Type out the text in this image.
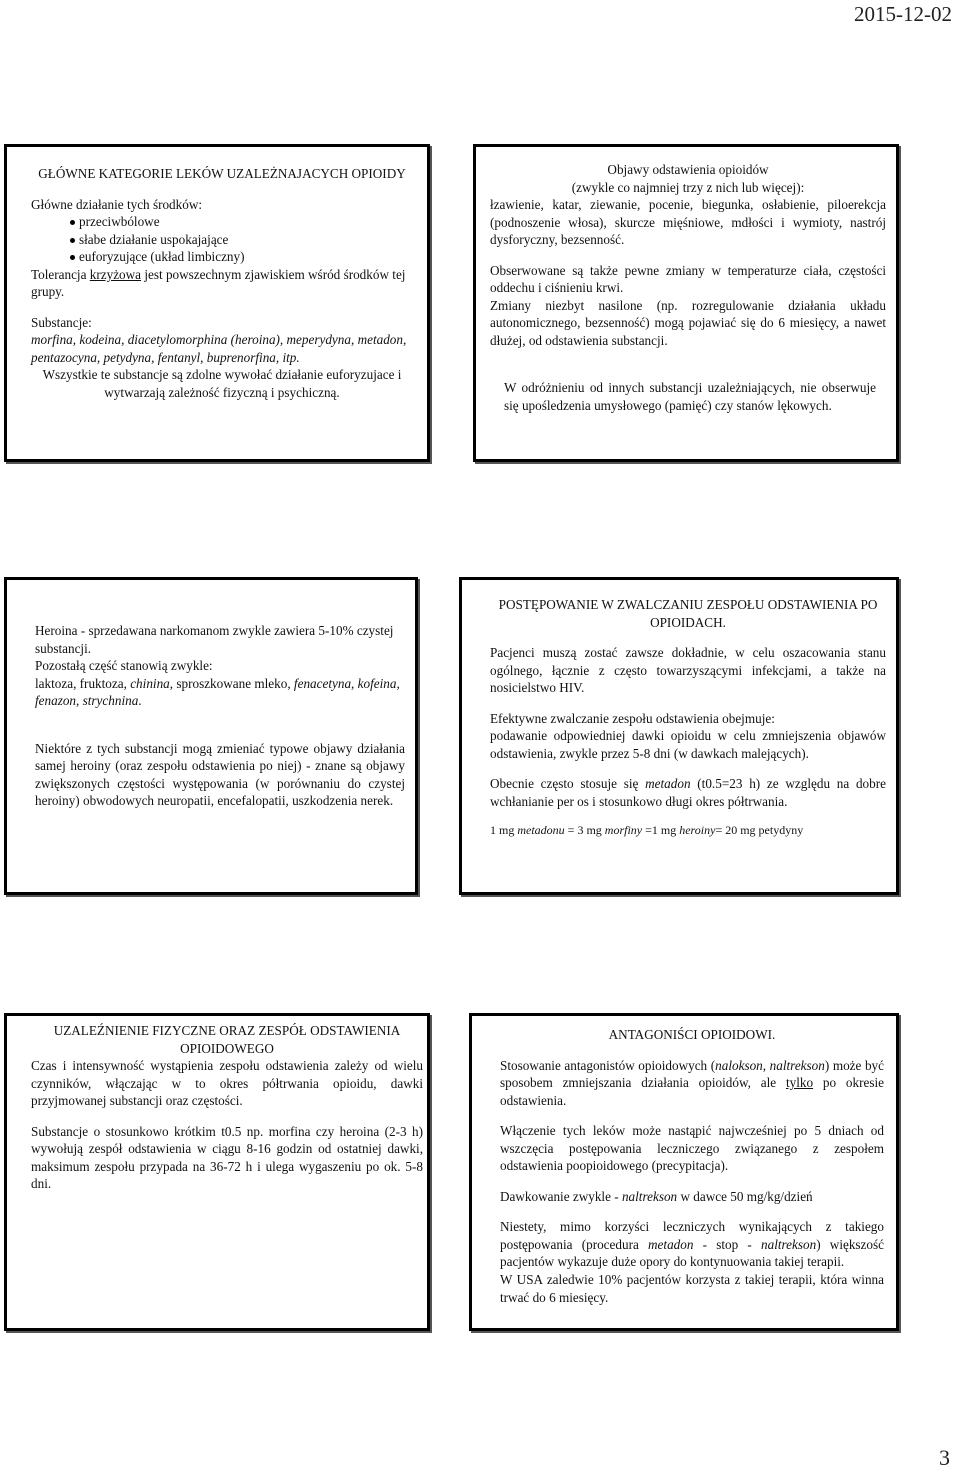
2015-12-02

GŁÓWNE KATEGORIE LEKÓW UZALEŻNAJACYCH OPIOIDY

Główne działanie tych środków:

przeciwbólowe
słabe działanie uspokajające
euforyzujące (układ limbiczny)

Tolerancja krzyżowa jest powszechnym zjawiskiem wśród środków tej grupy.

Substancje:

morfina, kodeina, diacetylomorphina (heroina), meperydyna, metadon, pentazocyna, petydyna, fentanyl, buprenorfina, itp.

Wszystkie te substancje są zdolne wywołać działanie euforyzujace i wytwarzają zależność fizyczną i psychiczną.

Objawy odstawienia opioidów

(zwykle co najmniej trzy z nich lub więcej):

łzawienie, katar, ziewanie, pocenie, biegunka, osłabienie, piloerekcja (podnoszenie włosa), skurcze mięśniowe, mdłości i wymioty, nastrój dysforyczny, bezsenność.

Obserwowane są także pewne zmiany w temperaturze ciała, częstości oddechu i ciśnieniu krwi.

Zmiany niezbyt nasilone (np. rozregulowanie działania układu autonomicznego, bezsenność) mogą pojawiać się do 6 miesięcy, a nawet dłużej, od odstawienia substancji.

W odróżnieniu od innych substancji uzależniających, nie obserwuje się upośledzenia umysłowego (pamięć) czy stanów lękowych.

Heroina - sprzedawana narkomanom zwykle zawiera 5-10% czystej substancji.

Pozostałą część stanowią zwykle:

laktoza, fruktoza, chinina, sproszkowane mleko, fenacetyna, kofeina, fenazon, strychnina.

Niektóre z tych substancji mogą zmieniać typowe objawy działania samej heroiny (oraz zespołu odstawienia po niej) - znane są objawy zwiększonych częstości występowania (w porównaniu do czystej heroiny) obwodowych neuropatii, encefalopatii, uszkodzenia nerek.

POSTĘPOWANIE W ZWALCZANIU ZESPOŁU ODSTAWIENIA PO OPIOIDACH.

Pacjenci muszą zostać zawsze dokładnie, w celu oszacowania stanu ogólnego, łącznie z często towarzyszącymi infekcjami, a także na nosicielstwo HIV.

Efektywne zwalczanie zespołu odstawienia obejmuje:

podawanie odpowiedniej dawki opioidu w celu zmniejszenia objawów odstawienia, zwykle przez 5-8 dni (w dawkach malejących).

Obecnie często stosuje się metadon (t0.5=23 h) ze względu na dobre wchłanianie per os i stosunkowo długi okres półtrwania.

1 mg metadonu = 3 mg morfiny =1 mg heroiny= 20 mg petydyny

UZALEŹNIENIE FIZYCZNE ORAZ ZESPÓŁ ODSTAWIENIA OPIOIDOWEGO

Czas i intensywność wystąpienia zespołu odstawienia zależy od wielu czynników, włączając w to okres półtrwania opioidu, dawki przyjmowanej substancji oraz częstości.

Substancje o stosunkowo krótkim t0.5 np. morfina czy heroina (2-3 h) wywołują zespół odstawienia w ciągu 8-16 godzin od ostatniej dawki, maksimum zespołu przypada na 36-72 h i ulega wygaszeniu po ok. 5-8 dni.

ANTAGONIŚCI OPIOIDOWI.

Stosowanie antagonistów opioidowych (nalokson, naltrekson) może być sposobem zmniejszania działania opioidów, ale tylko po okresie odstawienia.

Włączenie tych leków może nastąpić najwcześniej po 5 dniach od wszczęcia postępowania leczniczego związanego z zespołem odstawienia poopioidowego (precypitacja).

Dawkowanie zwykle - naltrekson w dawce 50 mg/kg/dzień

Niestety, mimo korzyści leczniczych wynikających z takiego postępowania (procedura metadon - stop - naltrekson) większość pacjentów wykazuje duże opory do kontynuowania takiej terapii.

W USA zaledwie 10% pacjentów korzysta z takiej terapii, która winna trwać do 6 miesięcy.

3
